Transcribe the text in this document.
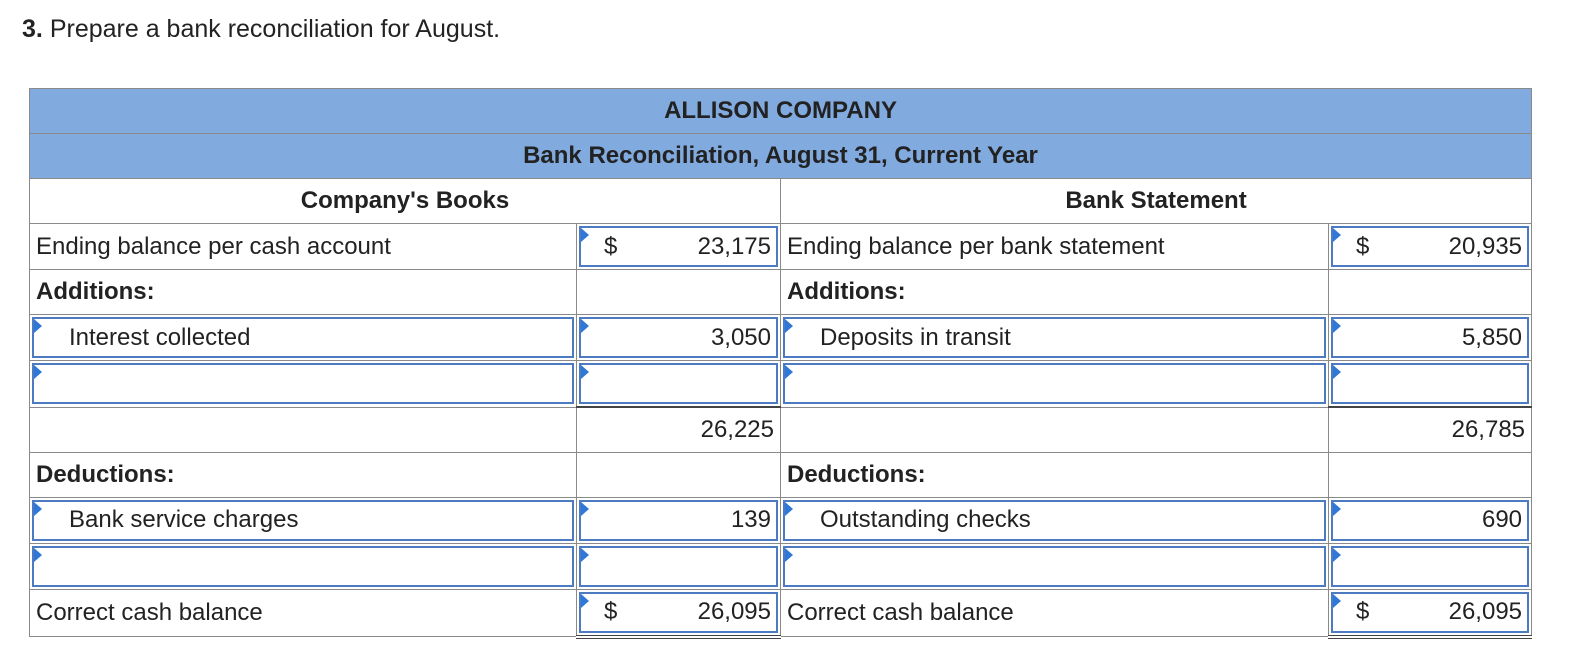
3. Prepare a bank reconciliation for August.
ALLISON COMPANY			
Bank Reconciliation, August 31, Current Year			
Company's Books		Bank Statement	
Ending balance per cash account	$ 23,175	Ending balance per bank statement	$ 20,935

Additions:		Additions:	

Interest collected	3,050	Deposits in transit	5,850

	26,225		26,785
Deductions:		Deductions:	

Bank service charges	139	Outstanding checks	690

Correct cash balance	$ 26,095	Correct cash balance	$ 26,095
